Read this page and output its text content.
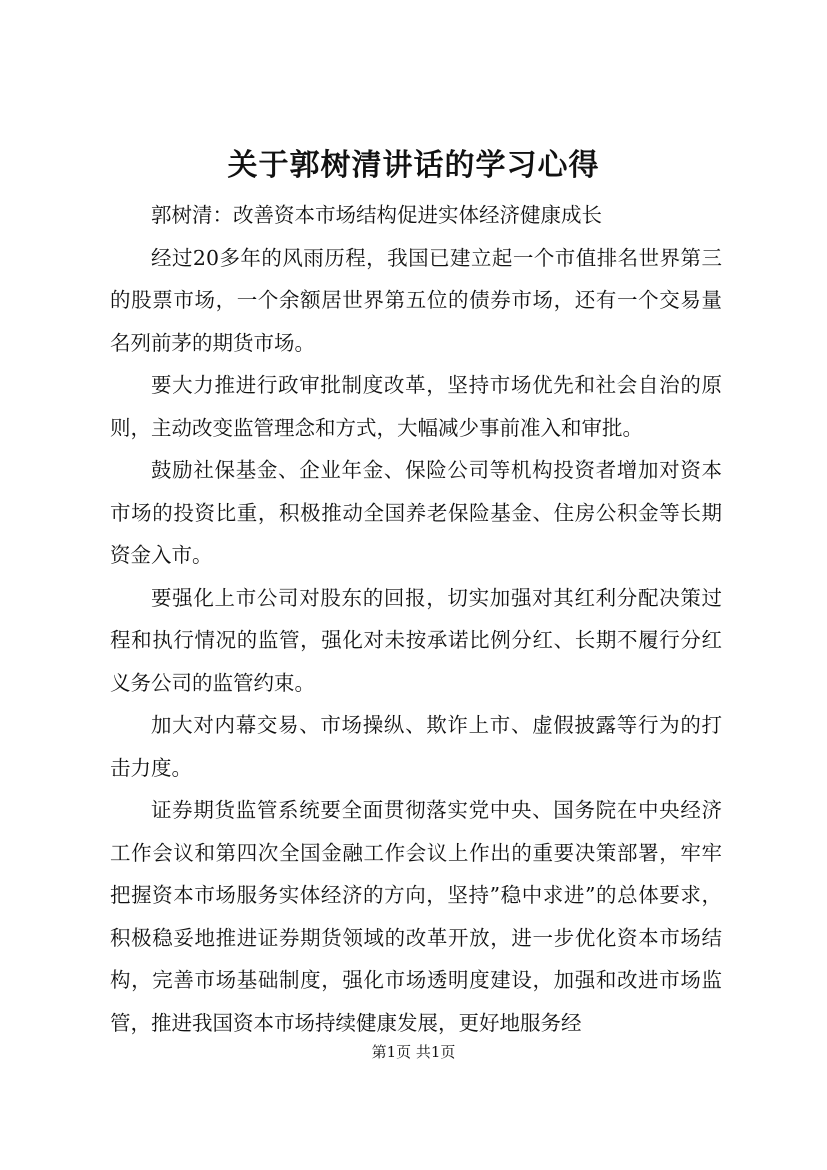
关于郭树清讲话的学习心得

郭树清：改善资本市场结构促进实体经济健康成长

经过20多年的风雨历程，我国已建立起一个市值排名世界第三的股票市场，一个余额居世界第五位的债券市场，还有一个交易量名列前茅的期货市场。

要大力推进行政审批制度改革，坚持市场优先和社会自治的原则，主动改变监管理念和方式，大幅减少事前准入和审批。

鼓励社保基金、企业年金、保险公司等机构投资者增加对资本市场的投资比重，积极推动全国养老保险基金、住房公积金等长期资金入市。

要强化上市公司对股东的回报，切实加强对其红利分配决策过程和执行情况的监管，强化对未按承诺比例分红、长期不履行分红义务公司的监管约束。

加大对内幕交易、市场操纵、欺诈上市、虚假披露等行为的打击力度。

证券期货监管系统要全面贯彻落实党中央、国务院在中央经济工作会议和第四次全国金融工作会议上作出的重要决策部署，牢牢把握资本市场服务实体经济的方向，坚持”稳中求进”的总体要求，积极稳妥地推进证券期货领域的改革开放，进一步优化资本市场结构，完善市场基础制度，强化市场透明度建设，加强和改进市场监管，推进我国资本市场持续健康发展，更好地服务经

第1页 共1页
